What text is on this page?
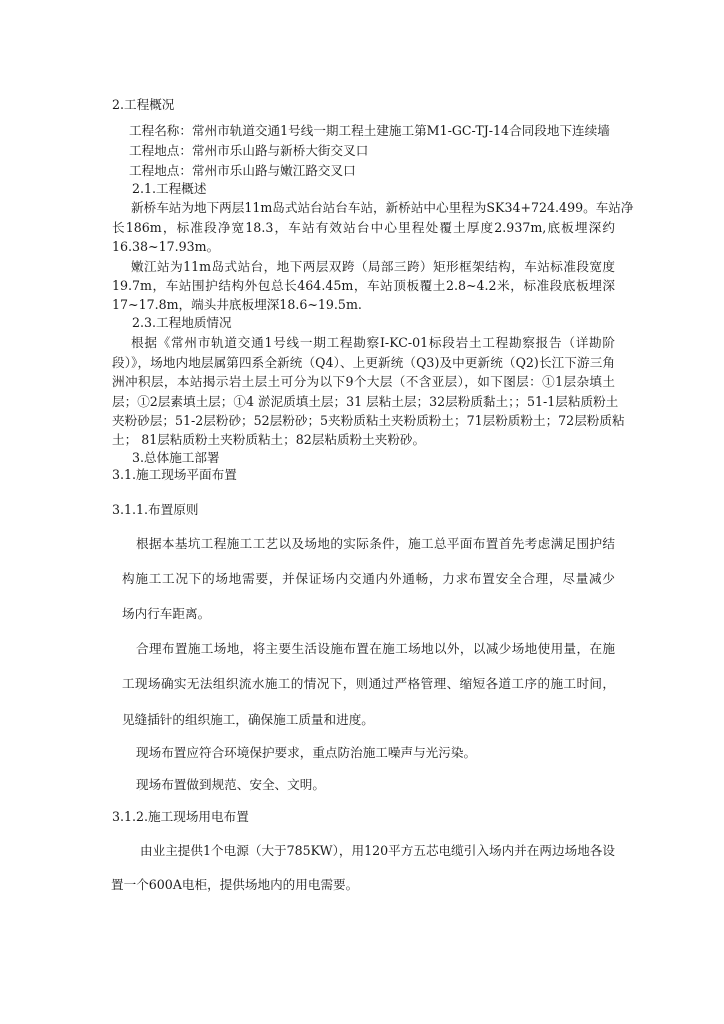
2.工程概况
工程名称：常州市轨道交通1号线一期工程土建施工第M1-GC-TJ-14合同段地下连续墙
工程地点：常州市乐山路与新桥大街交叉口
工程地点：常州市乐山路与嫩江路交叉口
2.1.工程概述
新桥车站为地下两层11m岛式站台站台车站，新桥站中心里程为SK34+724.499。车站净
长186m，标准段净宽18.3，车站有效站台中心里程处覆土厚度2.937m,底板埋深约
16.38~17.93m。
嫩江站为11m岛式站台，地下两层双跨（局部三跨）矩形框架结构，车站标准段宽度
19.7m，车站围护结构外包总长464.45m，车站顶板覆土2.8~4.2米，标准段底板埋深
17~17.8m，端头井底板埋深18.6~19.5m.
2.3.工程地质情况
根据《常州市轨道交通1号线一期工程勘察I-KC-01标段岩土工程勘察报告（详勘阶
段）》，场地内地层属第四系全新统（Q4）、上更新统（Q3)及中更新统（Q2)长江下游三角
洲冲积层，本站揭示岩土层土可分为以下9个大层（不含亚层），如下图层：①1层杂填土
层；①2层素填土层；①4 淤泥质填土层；31 层粘土层；32层粉质黏土；；51-1层粘质粉土
夹粉砂层；51-2层粉砂；52层粉砂；5夹粉质粘土夹粉质粉土；71层粉质粉土；72层粉质粘
土； 81层粘质粉土夹粉质粘土；82层粘质粉土夹粉砂。
3.总体施工部署
3.1.施工现场平面布置
3.1.1.布置原则
根据本基坑工程施工工艺以及场地的实际条件，施工总平面布置首先考虑满足围护结
构施工工况下的场地需要，并保证场内交通内外通畅，力求布置安全合理，尽量减少
场内行车距离。
合理布置施工场地，将主要生活设施布置在施工场地以外，以减少场地使用量，在施
工现场确实无法组织流水施工的情况下，则通过严格管理、缩短各道工序的施工时间，
见缝插针的组织施工，确保施工质量和进度。
现场布置应符合环境保护要求，重点防治施工噪声与光污染。
现场布置做到规范、安全、文明。
3.1.2.施工现场用电布置
由业主提供1个电源（大于785KW），用120平方五芯电缆引入场内并在两边场地各设
置一个600A电柜，提供场地内的用电需要。
